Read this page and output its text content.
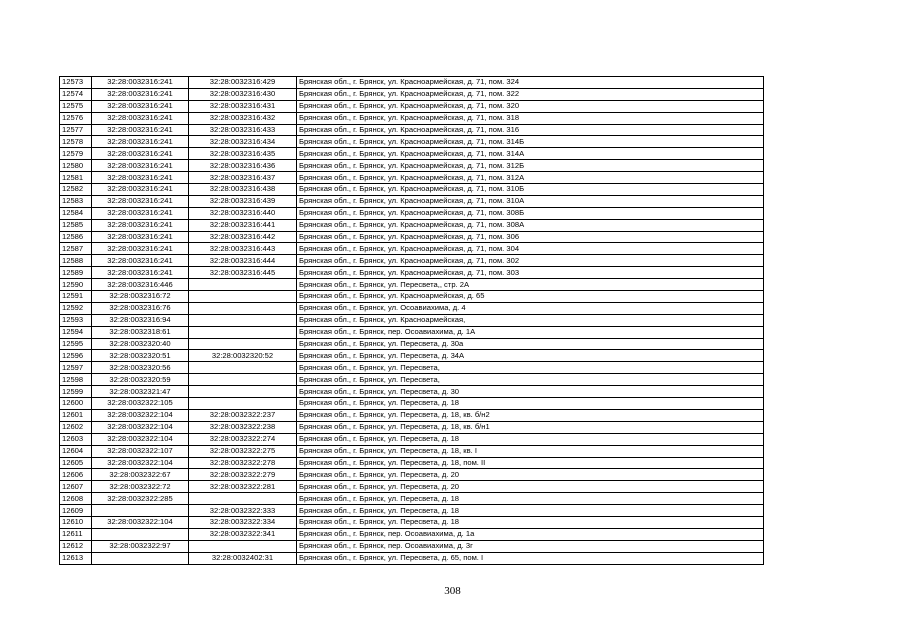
12573	32:28:0032316:241	32:28:0032316:429	Брянская обл., г. Брянск, ул. Красноармейская, д. 71, пом. 324
12574	32:28:0032316:241	32:28:0032316:430	Брянская обл., г. Брянск, ул. Красноармейская, д. 71, пом. 322
12575	32:28:0032316:241	32:28:0032316:431	Брянская обл., г. Брянск, ул. Красноармейская, д. 71, пом. 320
12576	32:28:0032316:241	32:28:0032316:432	Брянская обл., г. Брянск, ул. Красноармейская, д. 71, пом. 318
12577	32:28:0032316:241	32:28:0032316:433	Брянская обл., г. Брянск, ул. Красноармейская, д. 71, пом. 316
12578	32:28:0032316:241	32:28:0032316:434	Брянская обл., г. Брянск, ул. Красноармейская, д. 71, пом. 314Б
12579	32:28:0032316:241	32:28:0032316:435	Брянская обл., г. Брянск, ул. Красноармейская, д. 71, пом. 314А
12580	32:28:0032316:241	32:28:0032316:436	Брянская обл., г. Брянск, ул. Красноармейская, д. 71, пом. 312Б
12581	32:28:0032316:241	32:28:0032316:437	Брянская обл., г. Брянск, ул. Красноармейская, д. 71, пом. 312А
12582	32:28:0032316:241	32:28:0032316:438	Брянская обл., г. Брянск, ул. Красноармейская, д. 71, пом. 310Б
12583	32:28:0032316:241	32:28:0032316:439	Брянская обл., г. Брянск, ул. Красноармейская, д. 71, пом. 310А
12584	32:28:0032316:241	32:28:0032316:440	Брянская обл., г. Брянск, ул. Красноармейская, д. 71, пом. 308Б
12585	32:28:0032316:241	32:28:0032316:441	Брянская обл., г. Брянск, ул. Красноармейская, д. 71, пом. 308А
12586	32:28:0032316:241	32:28:0032316:442	Брянская обл., г. Брянск, ул. Красноармейская, д. 71, пом. 306
12587	32:28:0032316:241	32:28:0032316:443	Брянская обл., г. Брянск, ул. Красноармейская, д. 71, пом. 304
12588	32:28:0032316:241	32:28:0032316:444	Брянская обл., г. Брянск, ул. Красноармейская, д. 71, пом. 302
12589	32:28:0032316:241	32:28:0032316:445	Брянская обл., г. Брянск, ул. Красноармейская, д. 71, пом. 303
12590	32:28:0032316:446		Брянская обл., г. Брянск, ул. Пересвета,, стр. 2А
12591	32:28:0032316:72		Брянская обл., г. Брянск, ул. Красноармейская, д. 65
12592	32:28:0032316:76		Брянская обл., г. Брянск, ул. Осоавиахима, д. 4
12593	32:28:0032316:94		Брянская обл., г. Брянск, ул. Красноармейская,
12594	32:28:0032318:61		Брянская обл., г. Брянск, пер. Осоавиахима, д. 1А
12595	32:28:0032320:40		Брянская обл., г. Брянск, ул. Пересвета, д. 30а
12596	32:28:0032320:51	32:28:0032320:52	Брянская обл., г. Брянск, ул. Пересвета, д. 34А
12597	32:28:0032320:56		Брянская обл., г. Брянск, ул. Пересвета,
12598	32:28:0032320:59		Брянская обл., г. Брянск, ул. Пересвета,
12599	32:28:0032321:47		Брянская обл., г. Брянск, ул. Пересвета, д. 30
12600	32:28:0032322:105		Брянская обл., г. Брянск, ул. Пересвета, д. 18
12601	32:28:0032322:104	32:28:0032322:237	Брянская обл., г. Брянск, ул. Пересвета, д. 18, кв. б/н2
12602	32:28:0032322:104	32:28:0032322:238	Брянская обл., г. Брянск, ул. Пересвета, д. 18, кв. б/н1
12603	32:28:0032322:104	32:28:0032322:274	Брянская обл., г. Брянск, ул. Пересвета, д. 18
12604	32:28:0032322:107	32:28:0032322:275	Брянская обл., г. Брянск, ул. Пересвета, д. 18, кв. I
12605	32:28:0032322:104	32:28:0032322:278	Брянская обл., г. Брянск, ул. Пересвета, д. 18, пом. II
12606	32:28:0032322:67	32:28:0032322:279	Брянская обл., г. Брянск, ул. Пересвета, д. 20
12607	32:28:0032322:72	32:28:0032322:281	Брянская обл., г. Брянск, ул. Пересвета, д. 20
12608	32:28:0032322:285		Брянская обл., г. Брянск, ул. Пересвета, д. 18
12609		32:28:0032322:333	Брянская обл., г. Брянск, ул. Пересвета, д. 18
12610	32:28:0032322:104	32:28:0032322:334	Брянская обл., г. Брянск, ул. Пересвета, д. 18
12611		32:28:0032322:341	Брянская обл., г. Брянск, пер. Осоавиахима, д. 1а
12612	32:28:0032322:97		Брянская обл., г. Брянск, пер. Осоавиахима, д. 3г
12613		32:28:0032402:31	Брянская обл., г. Брянск, ул. Пересвета, д. 65, пом. I
308
